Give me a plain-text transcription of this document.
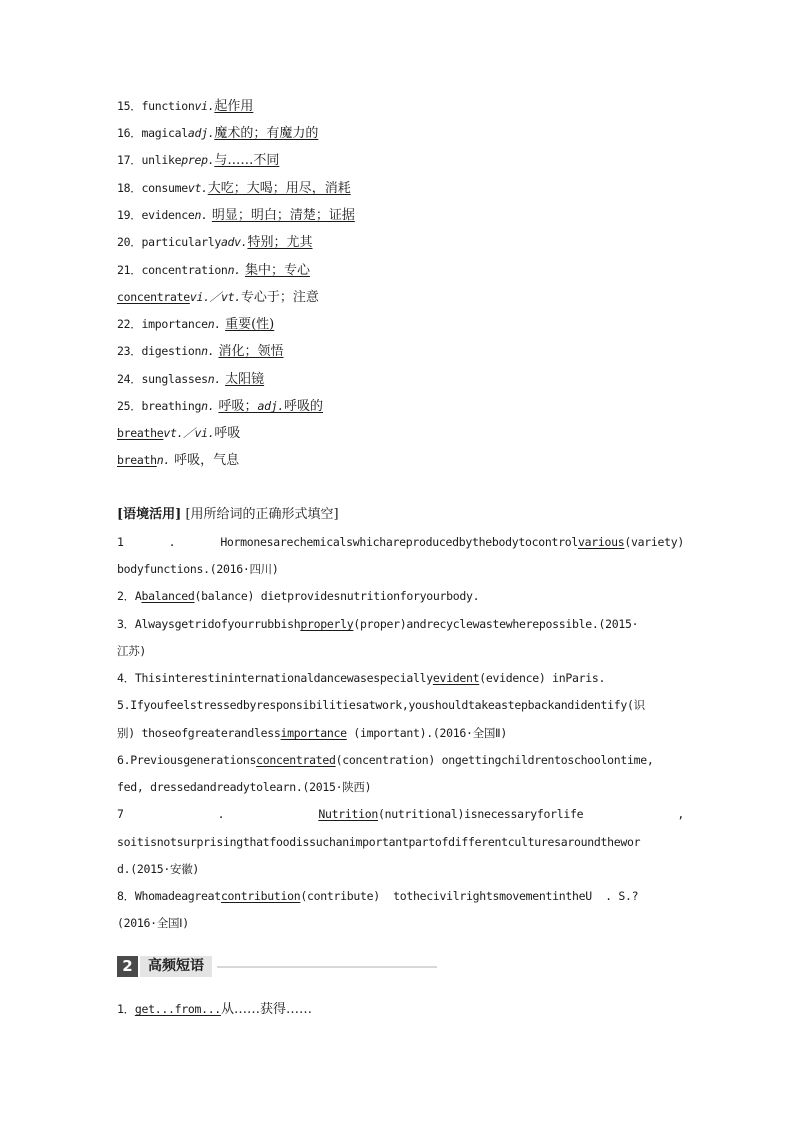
15．functionvi.起作用
16．magicaladj.魔术的；有魔力的
17．unlikeprep.与……不同
18．consumevt.大吃；大喝；用尽，消耗
19．evidencen. 明显；明白；清楚；证据
20．particularlyadv.特别；尤其
21．concentrationn. 集中；专心
concentratevi.／vt.专心于；注意
22．importancen. 重要(性)
23．digestionn. 消化；领悟
24．sunglassesn. 太阳镜
25．breathingn. 呼吸；adj.呼吸的
breathevt.／vi.呼吸
breathn. 呼吸，气息
[语境活用] [用所给词的正确形式填空]
1	.	Hormonesarechemicalswhichareproducedbythebodytocontrolvarious(variety)
bodyfunctions.(2016·四川)
2．Abalanced(balance) dietprovidesnutritionforyourbody.
3．Alwaysgetridofyourrubbishproperly(proper)andrecyclewastewherepossible.(2015·
江苏)
4．Thisinterestininternationaldancewasespeciallyevident(evidence) inParis.
5.Ifyoufeelstressedbyresponsibilitiesatwork,youshouldtakeastepbackandidentify(识
别) thoseofgreaterandlessimportance (important).(2016·全国Ⅱ)
6.Previousgenerationsconcentrated(concentration) ongettingchildrentoschoolontime,
fed, dressedandreadytolearn.(2015·陕西)
7	.	Nutrition(nutritional)isnecessaryforlife	,
soitisnotsurprisingthatfoodissuchanimportantpartofdifferentculturesaroundthewor
d.(2015·安徽)
8．Whomadeagreatcontribution(contribute)  tothecivilrightsmovementintheU  . S.?
(2016·全国Ⅰ)
2	高频短语
1．get...from...从……获得……
